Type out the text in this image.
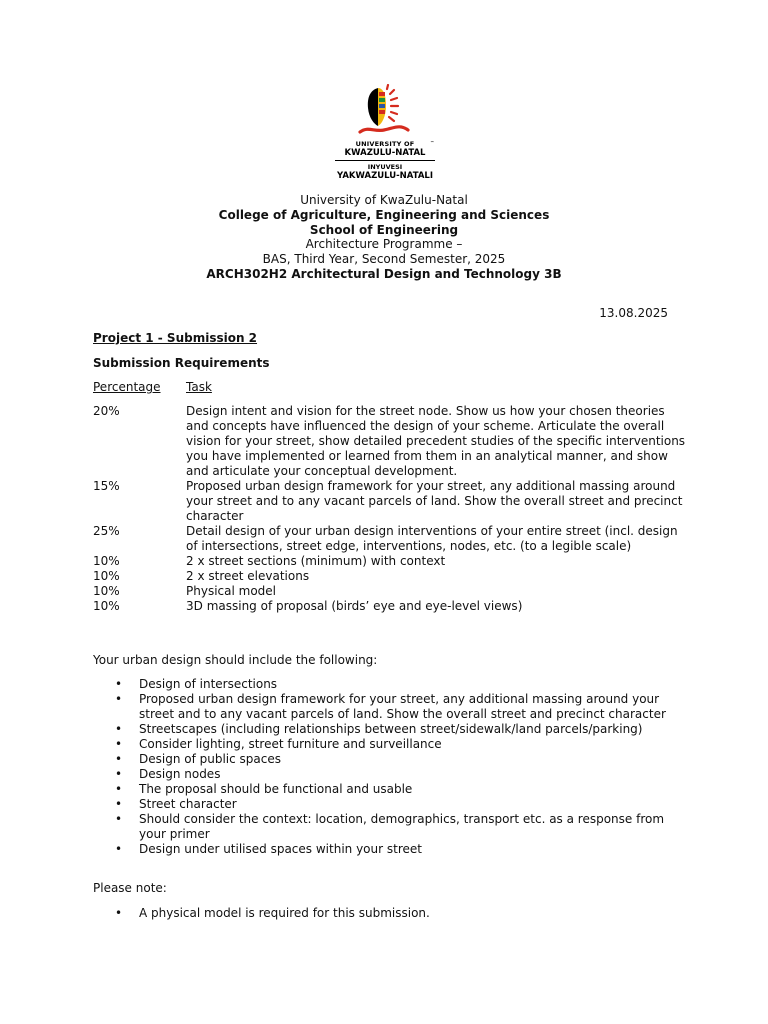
UNIVERSITY OF	™
KWAZULU-NATAL
INYUVESI
YAKWAZULU-NATALI
University of KwaZulu-Natal
College of Agriculture, Engineering and Sciences
School of Engineering
Architecture Programme –
BAS, Third Year, Second Semester, 2025
ARCH302H2 Architectural Design and Technology 3B
13.08.2025
Project 1 - Submission 2
Submission Requirements
Percentage Task
20%	Design intent and vision for the street node. Show us how your chosen theories and concepts have influenced the design of your scheme. Articulate the overall vision for your street, show detailed precedent studies of the specific interventions you have implemented or learned from them in an analytical manner, and show and articulate your conceptual development.
15%	Proposed urban design framework for your street, any additional massing around your street and to any vacant parcels of land. Show the overall street and precinct character
25%	Detail design of your urban design interventions of your entire street (incl. design of intersections, street edge, interventions, nodes, etc. (to a legible scale)
10%	2 x street sections (minimum) with context
10%	2 x street elevations
10%	Physical model
10%	3D massing of proposal (birds’ eye and eye-level views)
Your urban design should include the following:
• Design of intersections
• Proposed urban design framework for your street, any additional massing around your street and to any vacant parcels of land. Show the overall street and precinct character
• Streetscapes (including relationships between street/sidewalk/land parcels/parking)
• Consider lighting, street furniture and surveillance
• Design of public spaces
• Design nodes
• The proposal should be functional and usable
• Street character
• Should consider the context: location, demographics, transport etc. as a response from your primer
• Design under utilised spaces within your street
Please note:
• A physical model is required for this submission.
